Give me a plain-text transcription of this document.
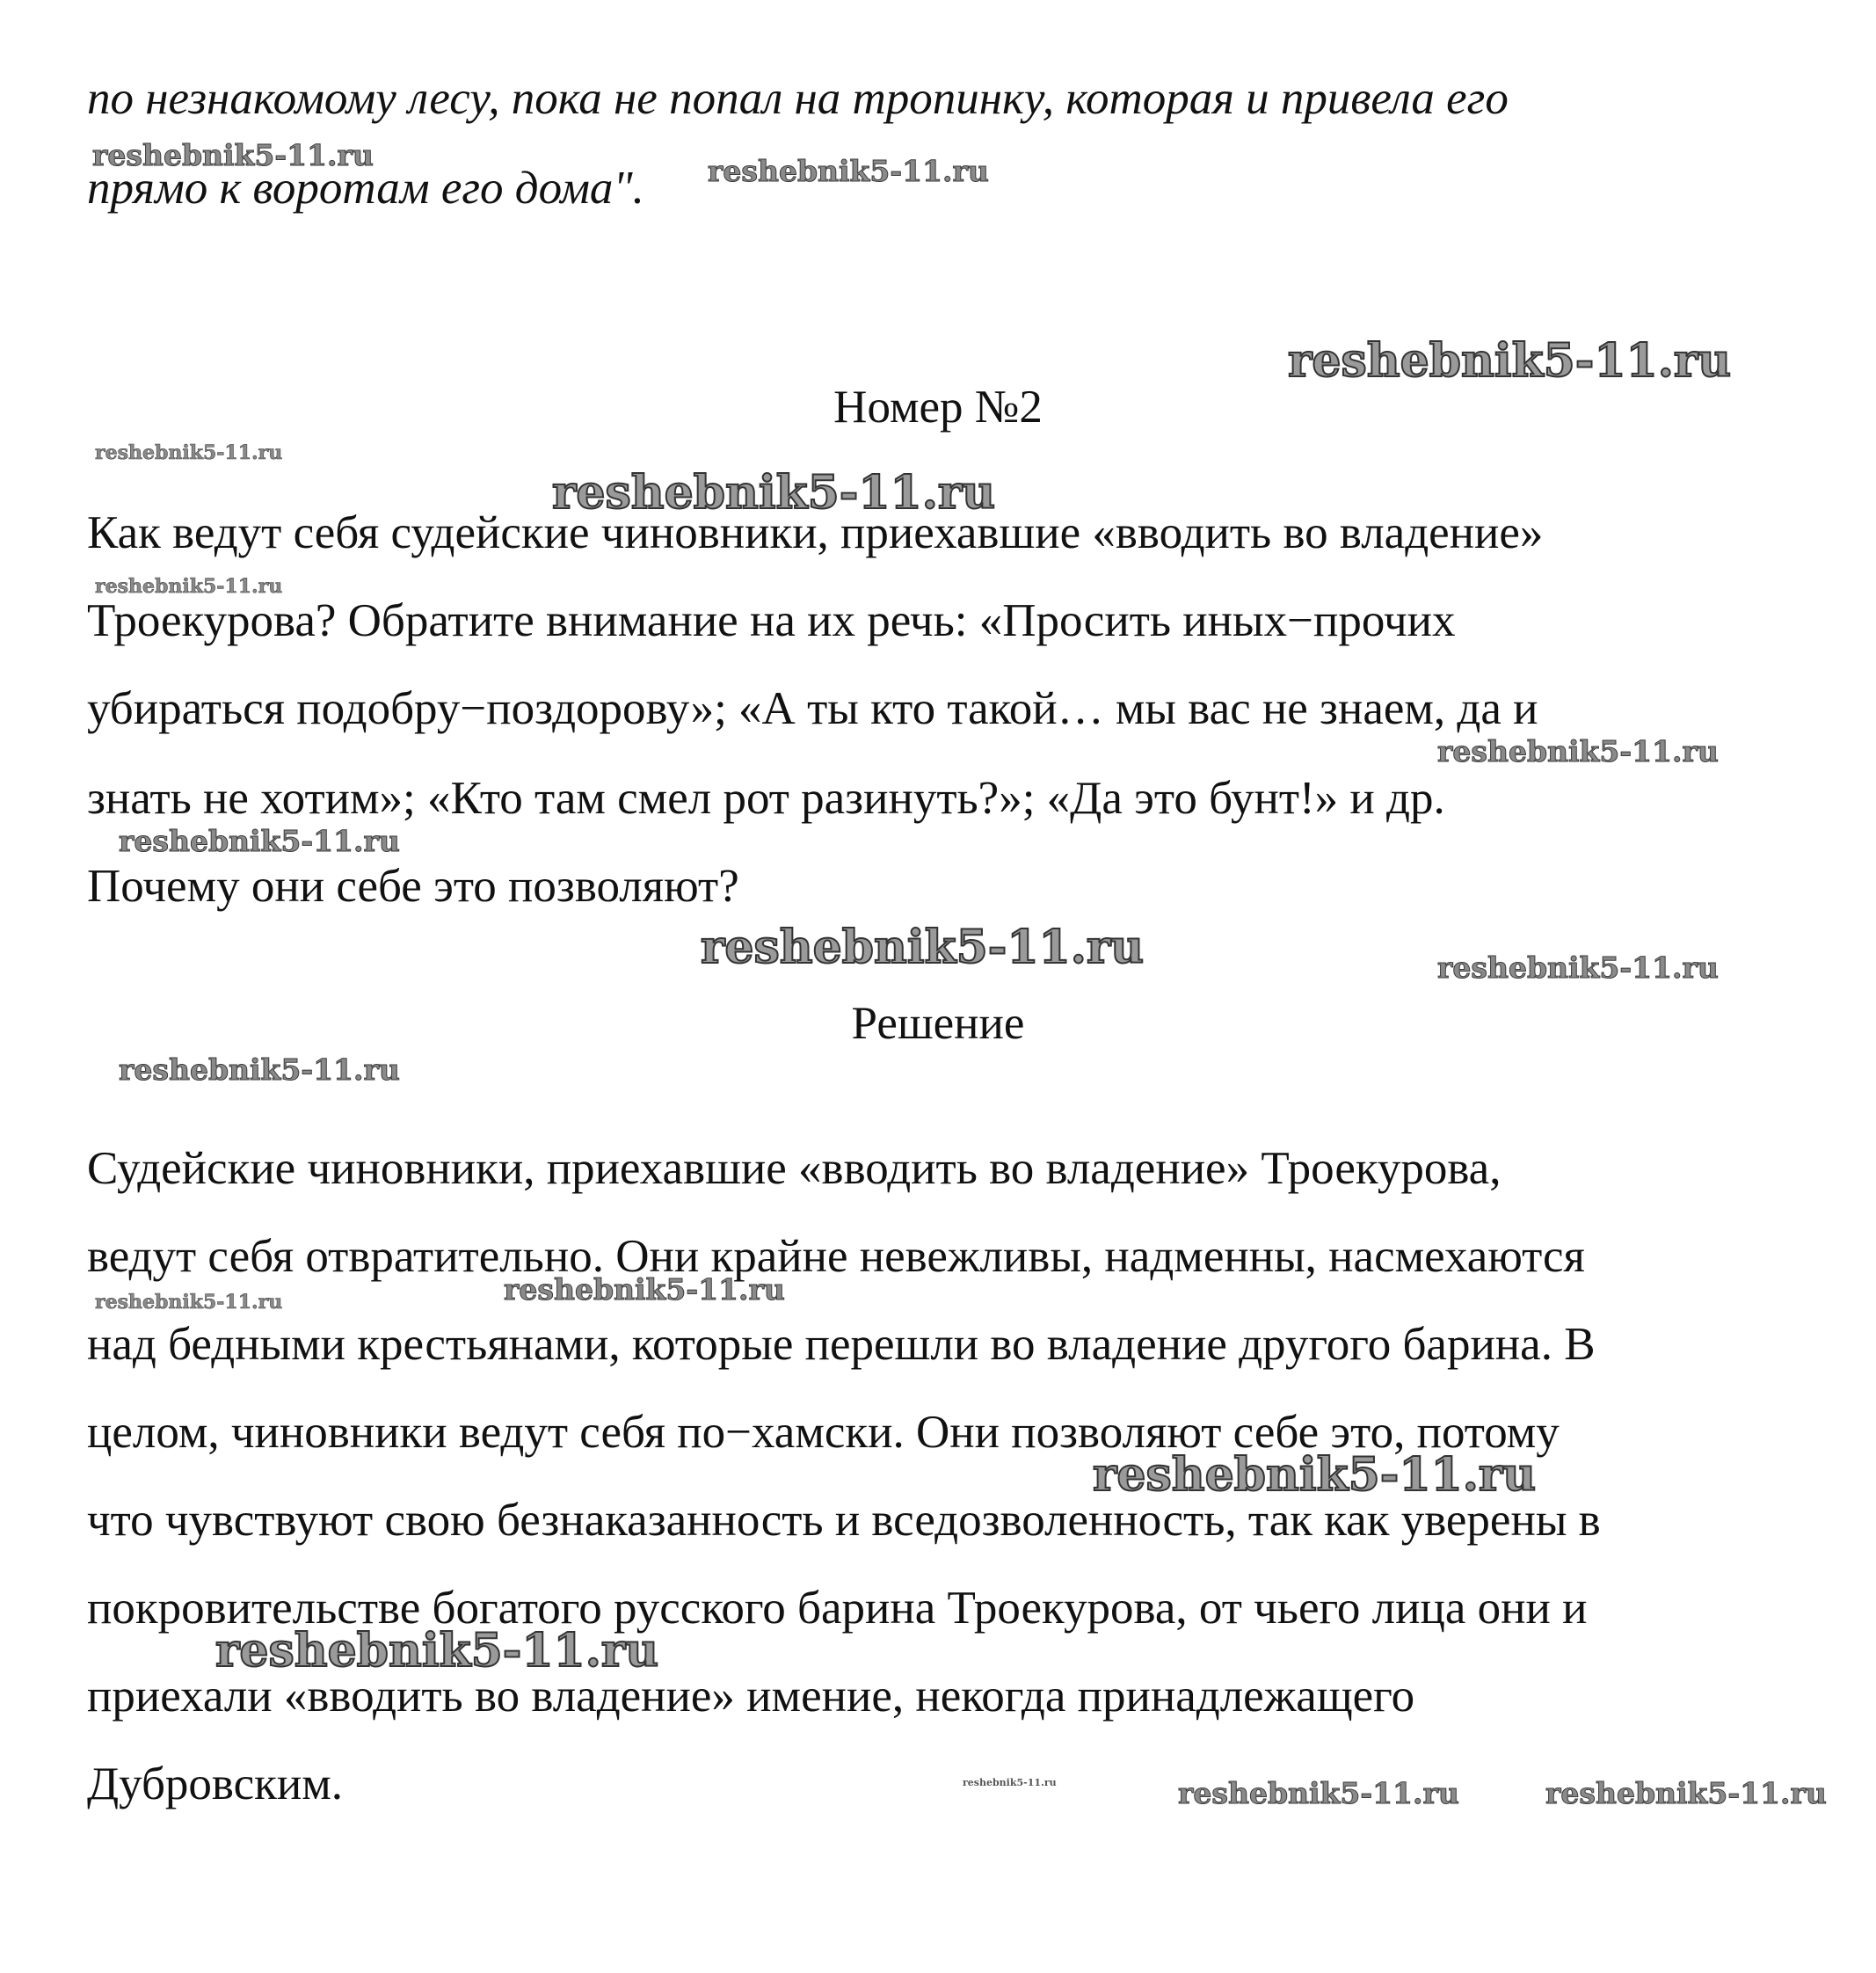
по незнакомому лесу, пока не попал на тропинку, которая и привела его
прямо к воротам его дома".
Номер №2
Как ведут себя судейские чиновники, приехавшие «вводить во владение»
Троекурова? Обратите внимание на их речь: «Просить иных−прочих
убираться подобру−поздорову»; «А ты кто такой… мы вас не знаем, да и
знать не хотим»; «Кто там смел рот разинуть?»; «Да это бунт!» и др.
Почему они себе это позволяют?
Решение
Судейские чиновники, приехавшие «вводить во владение» Троекурова,
ведут себя отвратительно. Они крайне невежливы, надменны, насмехаются
над бедными крестьянами, которые перешли во владение другого барина. В
целом, чиновники ведут себя по−хамски. Они позволяют себе это, потому
что чувствуют свою безнаказанность и вседозволенность, так как уверены в
покровительстве богатого русского барина Троекурова, от чьего лица они и
приехали «вводить во владение» имение, некогда принадлежащего
Дубровским.
reshebnik5-11.ru	reshebnik5-11.ru
reshebnik5-11.ru
reshebnik5-11.ru
reshebnik5-11.ru
reshebnik5-11.ru
reshebnik5-11.ru
reshebnik5-11.ru
reshebnik5-11.ru	reshebnik5-11.ru
reshebnik5-11.ru
reshebnik5-11.ru
reshebnik5-11.ru
reshebnik5-11.ru
reshebnik5-11.ru
reshebnik5-11.ru	reshebnik5-11.ru	reshebnik5-11.ru
